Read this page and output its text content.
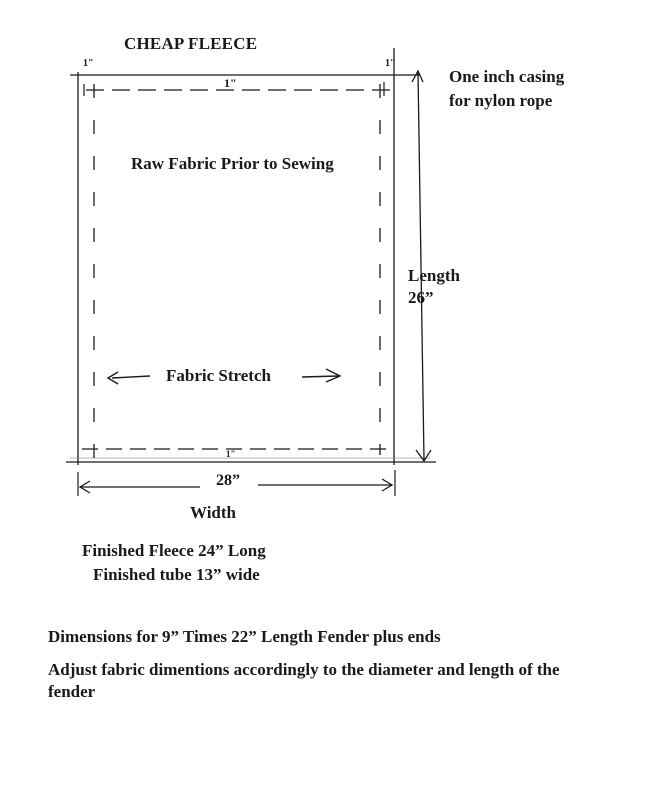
CHEAP FLEECE
1"	1"
1"
1"
One inch casing
for nylon rope
Raw Fabric Prior to Sewing
Length
26”
Fabric Stretch
28”
Width
Finished Fleece 24” Long
Finished tube 13” wide
Dimensions for 9” Times 22” Length Fender plus ends
Adjust fabric dimentions accordingly to the diameter and length of the fender
